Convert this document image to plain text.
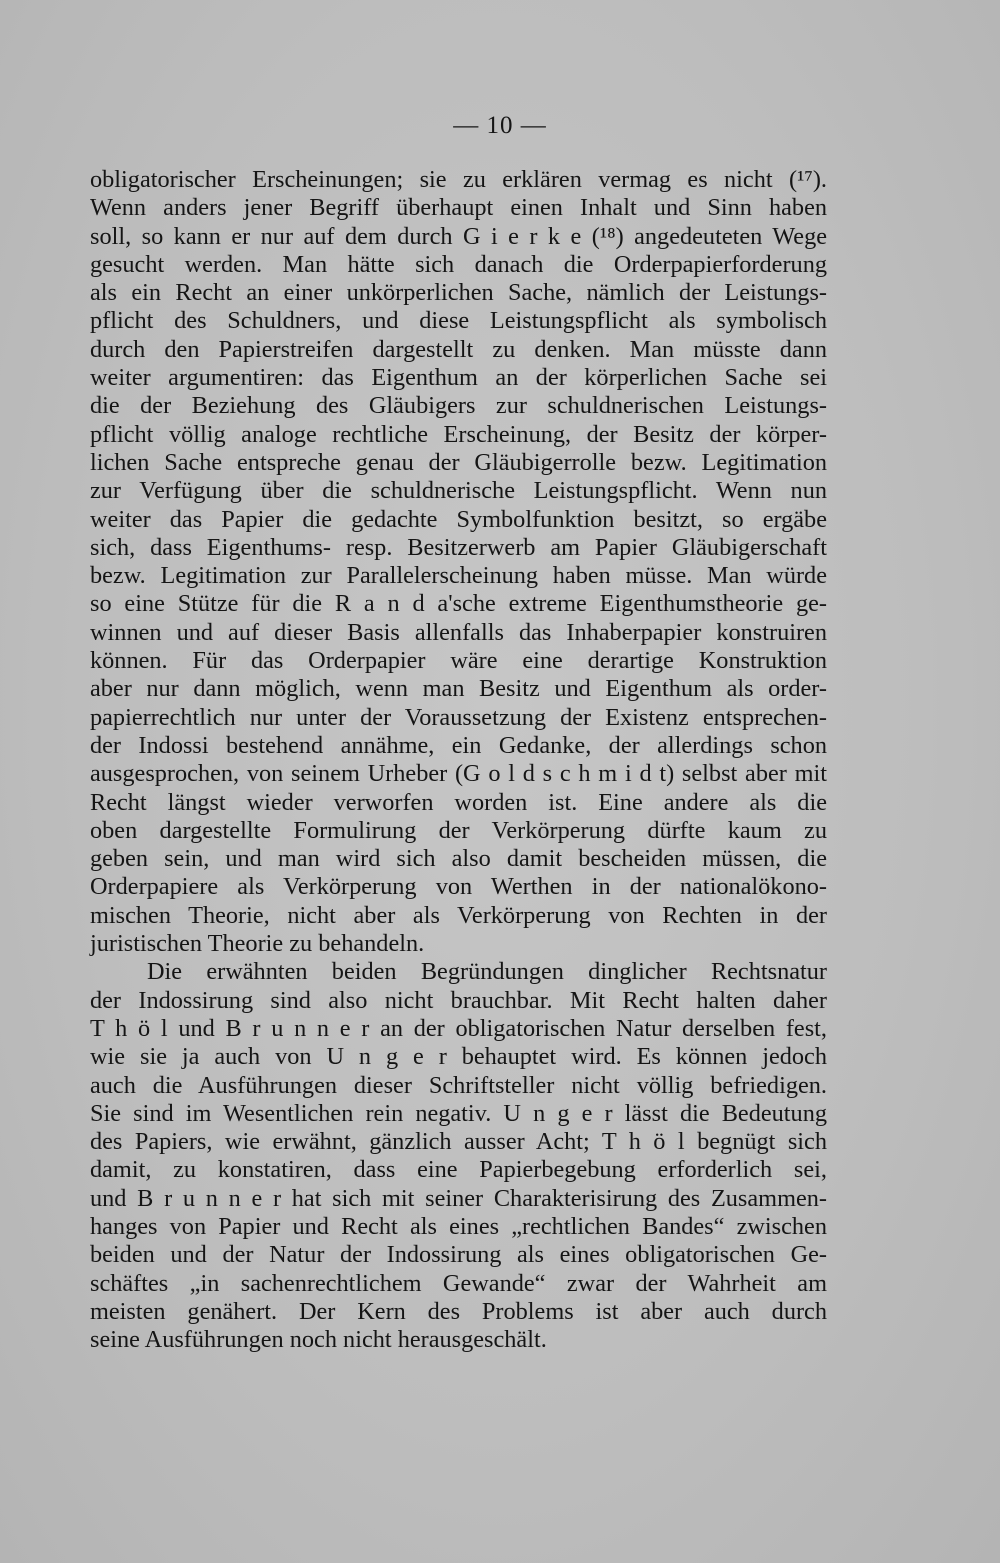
— 10 —
obligatorischer Erscheinungen; sie zu erklären vermag es nicht (¹⁷).
Wenn anders jener Begriff überhaupt einen Inhalt und Sinn haben
soll, so kann er nur auf dem durch G i e r k e (¹⁸) angedeuteten Wege
gesucht werden. Man hätte sich danach die Orderpapierforderung
als ein Recht an einer unkörperlichen Sache, nämlich der Leistungs-
pflicht des Schuldners, und diese Leistungspflicht als symbolisch
durch den Papierstreifen dargestellt zu denken. Man müsste dann
weiter argumentiren: das Eigenthum an der körperlichen Sache sei
die der Beziehung des Gläubigers zur schuldnerischen Leistungs-
pflicht völlig analoge rechtliche Erscheinung, der Besitz der körper-
lichen Sache entspreche genau der Gläubigerrolle bezw. Legitimation
zur Verfügung über die schuldnerische Leistungspflicht. Wenn nun
weiter das Papier die gedachte Symbolfunktion besitzt, so ergäbe
sich, dass Eigenthums- resp. Besitzerwerb am Papier Gläubigerschaft
bezw. Legitimation zur Parallelerscheinung haben müsse. Man würde
so eine Stütze für die R a n d a'sche extreme Eigenthumstheorie ge-
winnen und auf dieser Basis allenfalls das Inhaberpapier konstruiren
können. Für das Orderpapier wäre eine derartige Konstruktion
aber nur dann möglich, wenn man Besitz und Eigenthum als order-
papierrechtlich nur unter der Voraussetzung der Existenz entsprechen-
der Indossi bestehend annähme, ein Gedanke, der allerdings schon
ausgesprochen, von seinem Urheber (G o l d s c h m i d t) selbst aber mit
Recht längst wieder verworfen worden ist. Eine andere als die
oben dargestellte Formulirung der Verkörperung dürfte kaum zu
geben sein, und man wird sich also damit bescheiden müssen, die
Orderpapiere als Verkörperung von Werthen in der nationalökono-
mischen Theorie, nicht aber als Verkörperung von Rechten in der
juristischen Theorie zu behandeln.
Die erwähnten beiden Begründungen dinglicher Rechtsnatur
der Indossirung sind also nicht brauchbar. Mit Recht halten daher
T h ö l und B r u n n e r an der obligatorischen Natur derselben fest,
wie sie ja auch von U n g e r behauptet wird. Es können jedoch
auch die Ausführungen dieser Schriftsteller nicht völlig befriedigen.
Sie sind im Wesentlichen rein negativ. U n g e r lässt die Bedeutung
des Papiers, wie erwähnt, gänzlich ausser Acht; T h ö l begnügt sich
damit, zu konstatiren, dass eine Papierbegebung erforderlich sei,
und B r u n n e r hat sich mit seiner Charakterisirung des Zusammen-
hanges von Papier und Recht als eines „rechtlichen Bandes“ zwischen
beiden und der Natur der Indossirung als eines obligatorischen Ge-
schäftes „in sachenrechtlichem Gewande“ zwar der Wahrheit am
meisten genähert. Der Kern des Problems ist aber auch durch
seine Ausführungen noch nicht herausgeschält.
